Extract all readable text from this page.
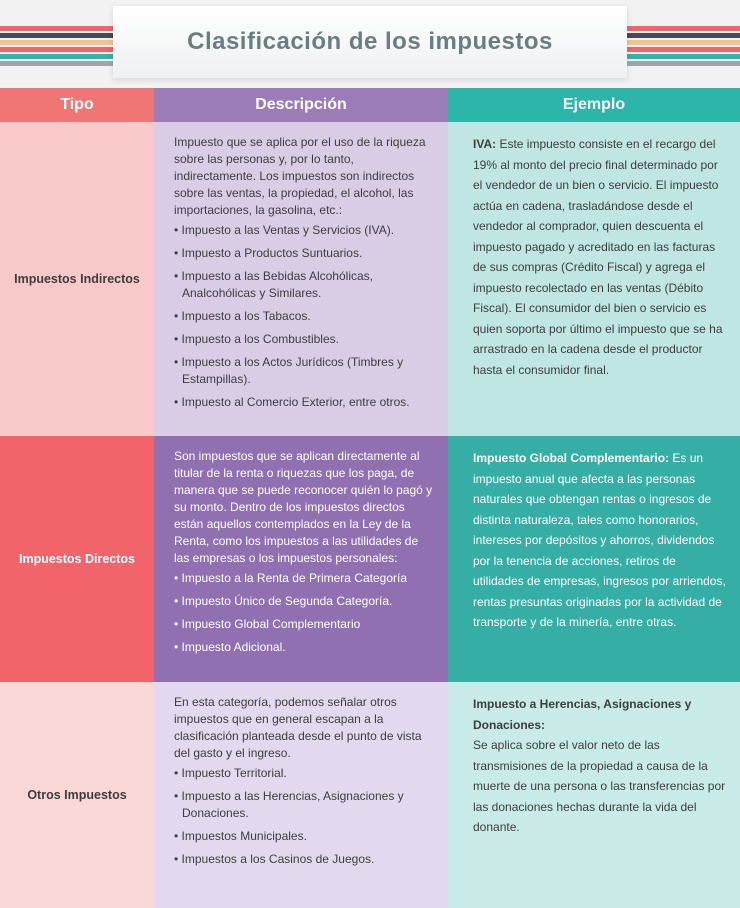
Clasificación de los impuestos
Tipo	Descripción	Ejemplo
Impuestos Indirectos

Impuesto que se aplica por el uso de la riqueza sobre las personas y, por lo tanto, indirectamente. Los impuestos son indirectos sobre las ventas, la propiedad, el alcohol, las importaciones, la gasolina, etc.:

• Impuesto a las Ventas y Servicios (IVA).
• Impuesto a Productos Suntuarios.
• Impuesto a las Bebidas Alcohólicas, Analcohólicas y Similares.
• Impuesto a los Tabacos.
• Impuesto a los Combustibles.
• Impuesto a los Actos Jurídicos (Timbres y Estampillas).
• Impuesto al Comercio Exterior, entre otros.

IVA: Este impuesto consiste en el recargo del 19% al monto del precio final determinado por el vendedor de un bien o servicio. El impuesto actúa en cadena, trasladándose desde el vendedor al comprador, quien descuenta el impuesto pagado y acreditado en las facturas de sus compras (Crédito Fiscal) y agrega el impuesto recolectado en las ventas (Débito Fiscal). El consumidor del bien o servicio es quien soporta por último el impuesto que se ha arrastrado en la cadena desde el productor hasta el consumidor final.

Impuestos Directos

Son impuestos que se aplican directamente al titular de la renta o riquezas que los paga, de manera que se puede reconocer quién lo pagó y su monto. Dentro de los impuestos directos están aquellos contemplados en la Ley de la Renta, como los impuestos a las utilidades de las empresas o los impuestos personales:

• Impuesto a la Renta de Primera Categoría
• Impuesto Único de Segunda Categoría.
• Impuesto Global Complementario
• Impuesto Adicional.

Impuesto Global Complementario: Es un impuesto anual que afecta a las personas naturales que obtengan rentas o ingresos de distinta naturaleza, tales como honorarios, intereses por depósitos y ahorros, dividendos por la tenencia de acciones, retiros de utilidades de empresas, ingresos por arriendos, rentas presuntas originadas por la actividad de transporte y de la minería, entre otras.

Otros Impuestos

En esta categoría, podemos señalar otros impuestos que en general escapan a la clasificación planteada desde el punto de vista del gasto y el ingreso.

• Impuesto Territorial.
• Impuesto a las Herencias, Asignaciones y Donaciones.
• Impuestos Municipales.
• Impuestos a los Casinos de Juegos.

Impuesto a Herencias, Asignaciones y Donaciones:

Se aplica sobre el valor neto de las transmisiones de la propiedad a causa de la muerte de una persona o las transferencias por las donaciones hechas durante la vida del donante.
